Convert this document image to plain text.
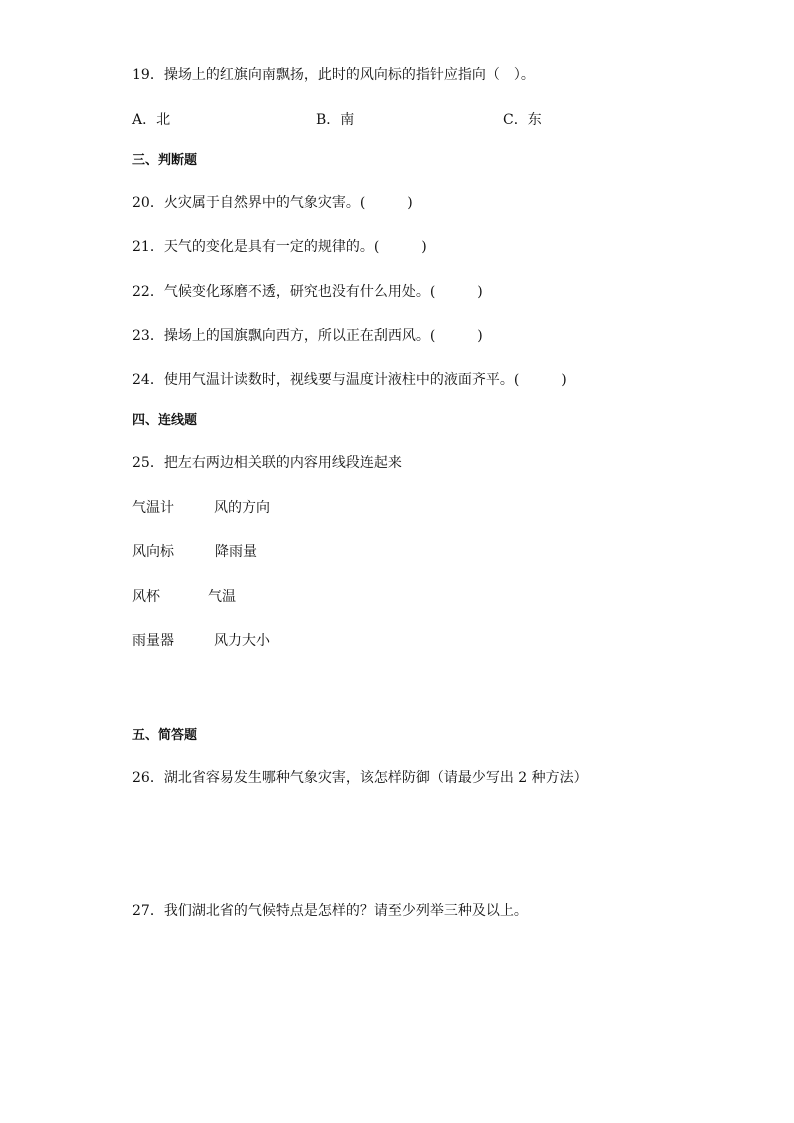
19．操场上的红旗向南飘扬，此时的风向标的指针应指向（　）。
A．北	B．南	C．东
三、判断题
20．火灾属于自然界中的气象灾害。(　　　)
21．天气的变化是具有一定的规律的。(　　　)
22．气候变化琢磨不透，研究也没有什么用处。(　　　)
23．操场上的国旗飘向西方，所以正在刮西风。(　　　)
24．使用气温计读数时，视线要与温度计液柱中的液面齐平。(　　　)
四、连线题
25．把左右两边相关联的内容用线段连起来
气温计	风的方向
风向标	降雨量
风杯	气温
雨量器	风力大小
五、简答题
26．湖北省容易发生哪种气象灾害，该怎样防御（请最少写出 2 种方法）
27．我们湖北省的气候特点是怎样的？请至少列举三种及以上。
